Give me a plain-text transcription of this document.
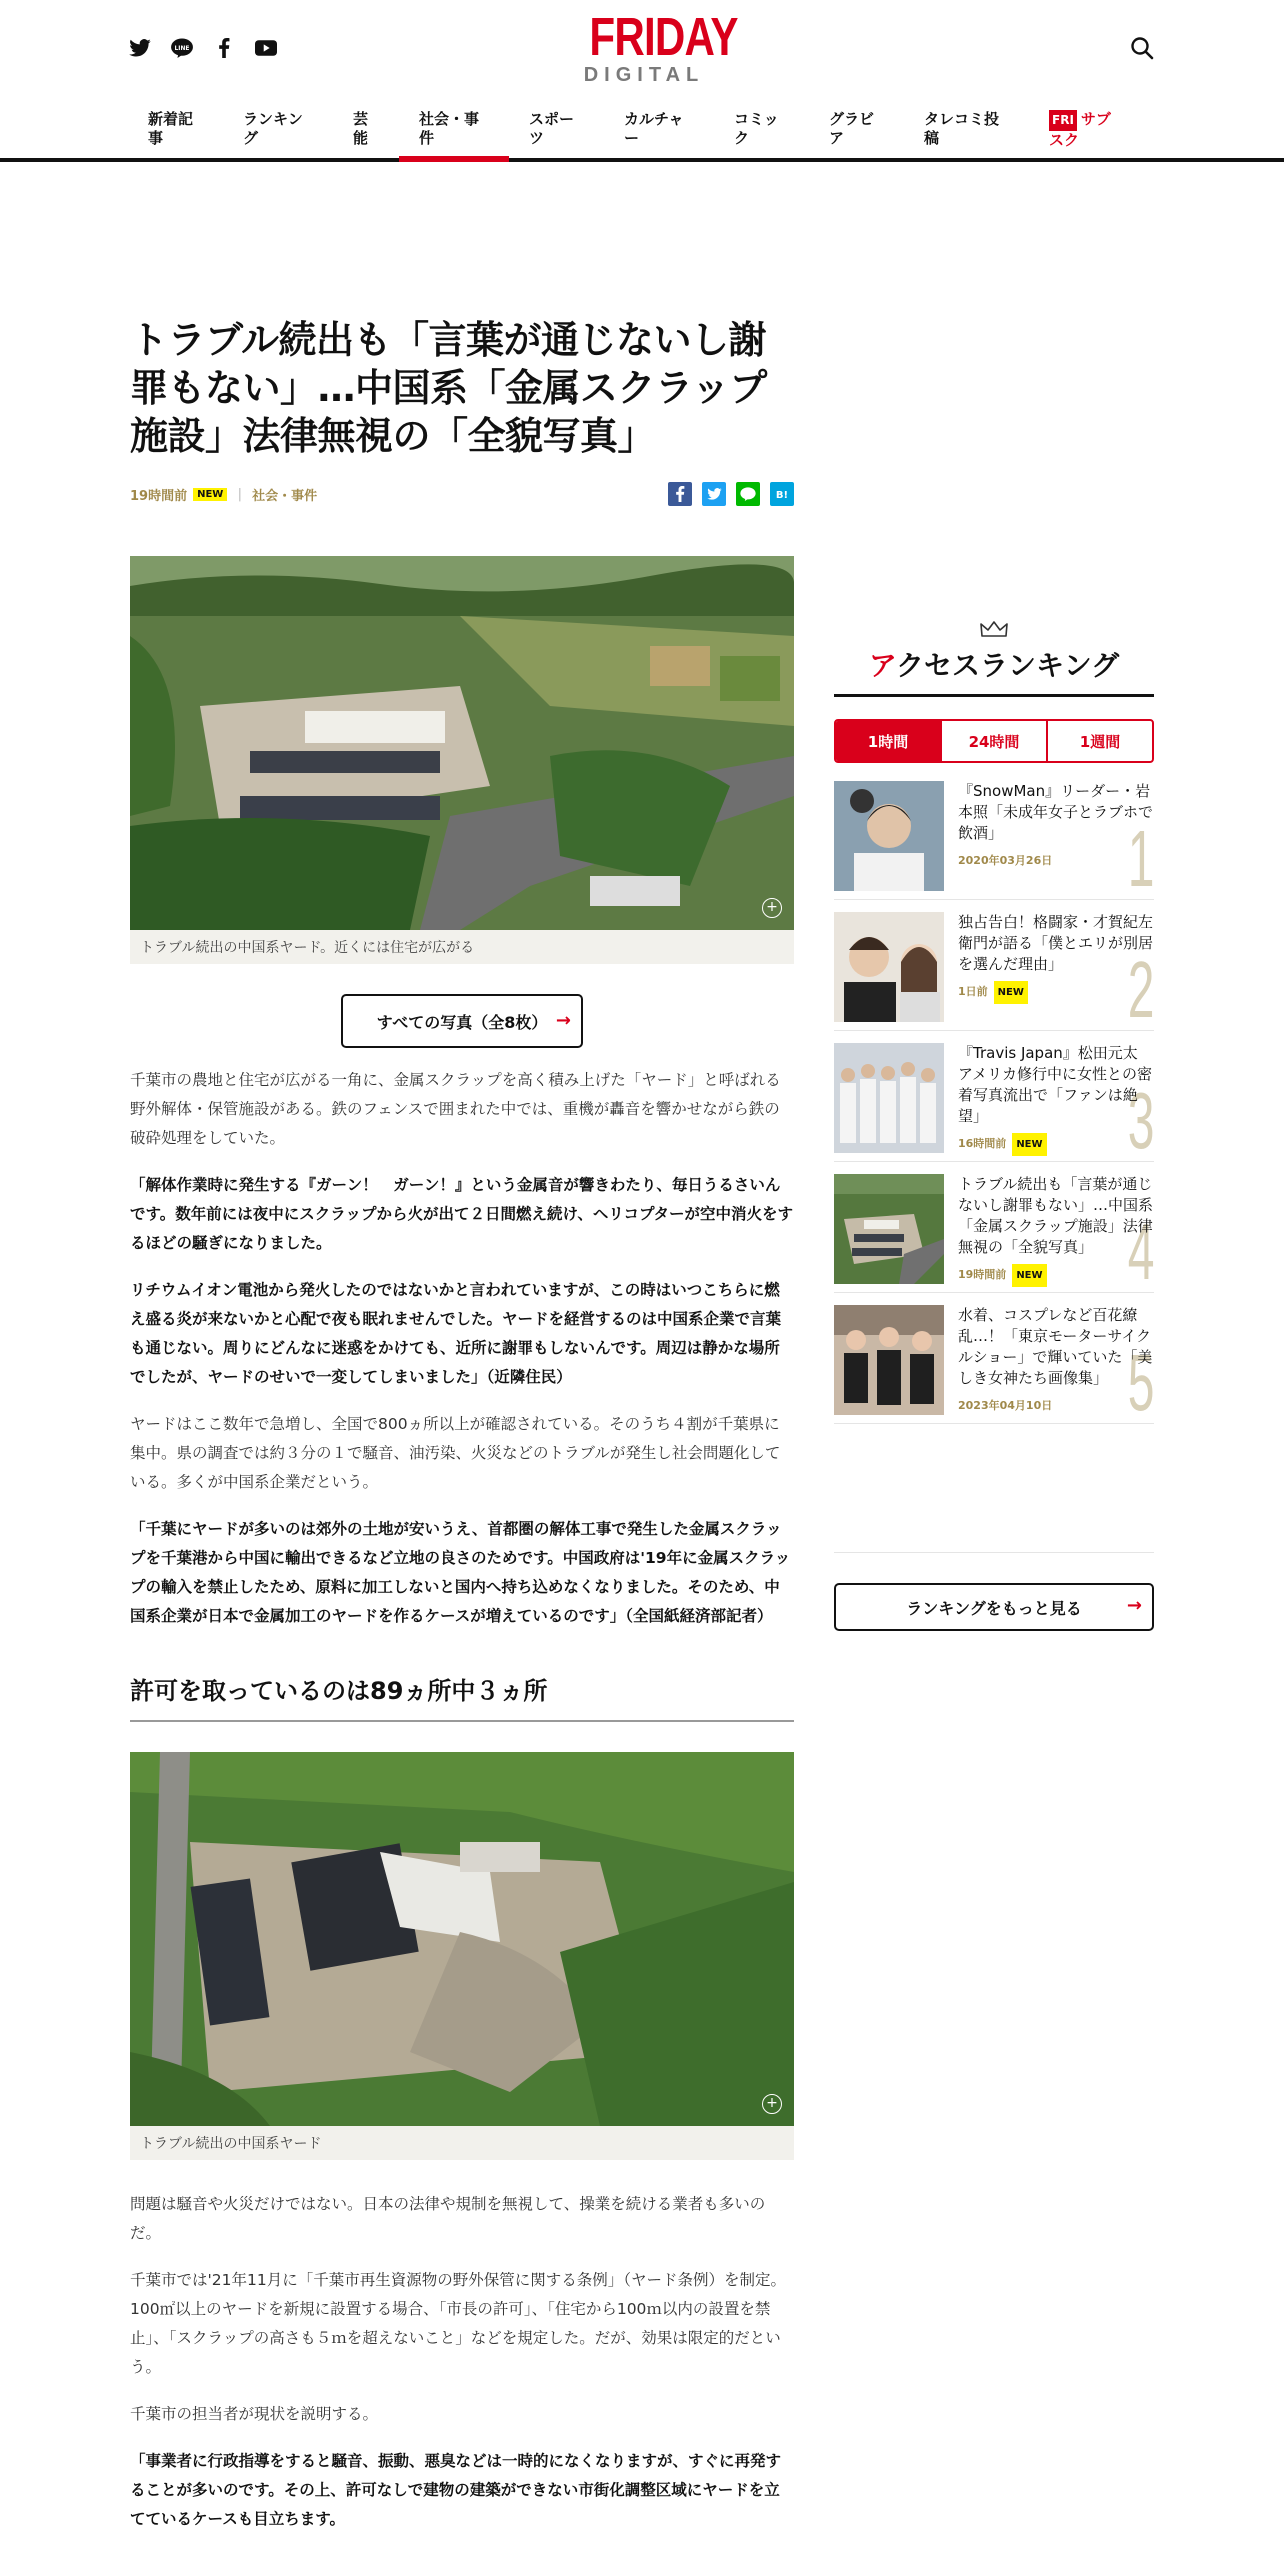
LINE	FRIDAY
DIGITAL
新着記事
ランキング
芸能
社会・事件
スポーツ
カルチャー
コミック
グラビア
タレコミ投稿
FRI サブスク
トラブル続出も「言葉が通じないし謝罪もない」…中国系「金属スクラップ施設」法律無視の「全貌写真」
19時間前	NEW	| 社会・事件	B!
+
トラブル続出の中国系ヤード。近くには住宅が広がる
すべての写真（全8枚） →

千葉市の農地と住宅が広がる一角に、金属スクラップを高く積み上げた「ヤード」と呼ばれる野外解体・保管施設がある。鉄のフェンスで囲まれた中では、重機が轟音を響かせながら鉄の破砕処理をしていた。

「解体作業時に発生する『ガーン！　ガーン！』という金属音が響きわたり、毎日うるさいんです。数年前には夜中にスクラップから火が出て２日間燃え続け、ヘリコプターが空中消火をするほどの騒ぎになりました。

リチウムイオン電池から発火したのではないかと言われていますが、この時はいつこちらに燃え盛る炎が来ないかと心配で夜も眠れませんでした。ヤードを経営するのは中国系企業で言葉も通じない。周りにどんなに迷惑をかけても、近所に謝罪もしないんです。周辺は静かな場所でしたが、ヤードのせいで一変してしまいました」（近隣住民）

ヤードはここ数年で急増し、全国で800ヵ所以上が確認されている。そのうち４割が千葉県に集中。県の調査では約３分の１で騒音、油汚染、火災などのトラブルが発生し社会問題化している。多くが中国系企業だという。

「千葉にヤードが多いのは郊外の土地が安いうえ、首都圏の解体工事で発生した金属スクラップを千葉港から中国に輸出できるなど立地の良さのためです。中国政府は'19年に金属スクラップの輸入を禁止したため、原料に加工しないと国内へ持ち込めなくなりました。そのため、中国系企業が日本で金属加工のヤードを作るケースが増えているのです」（全国紙経済部記者）

許可を取っているのは89ヵ所中３ヵ所
+
トラブル続出の中国系ヤード

問題は騒音や火災だけではない。日本の法律や規制を無視して、操業を続ける業者も多いのだ。

千葉市では'21年11月に「千葉市再生資源物の野外保管に関する条例」（ヤード条例）を制定。100㎡以上のヤードを新規に設置する場合、「市長の許可」、「住宅から100ｍ以内の設置を禁止」、「スクラップの高さも５ｍを超えないこと」などを規定した。だが、効果は限定的だという。

千葉市の担当者が現状を説明する。

「事業者に行政指導をすると騒音、振動、悪臭などは一時的になくなりますが、すぐに再発することが多いのです。その上、許可なしで建物の建築ができない市街化調整区域にヤードを立てているケースも目立ちます。

アクセスランキング
1時間	24時間	1週間
『SnowMan』リーダー・岩本照「未成年女子とラブホで飲酒」
2020年03月26日 1
独占告白！格闘家・才賀紀左衛門が語る「僕とエリが別居を選んだ理由」
1日前 NEW	2
『Travis Japan』松田元太　アメリカ修行中に女性との密着写真流出で「ファンは絶望」
16時間前 NEW	3
トラブル続出も「言葉が通じないし謝罪もない」…中国系「金属スクラップ施設」法律無視の「全貌写真」
19時間前 NEW	4
水着、コスプレなど百花繚乱…！「東京モーターサイクルショー」で輝いていた「美しき女神たち画像集」
2023年04月10日 5
ランキングをもっと見る	→
